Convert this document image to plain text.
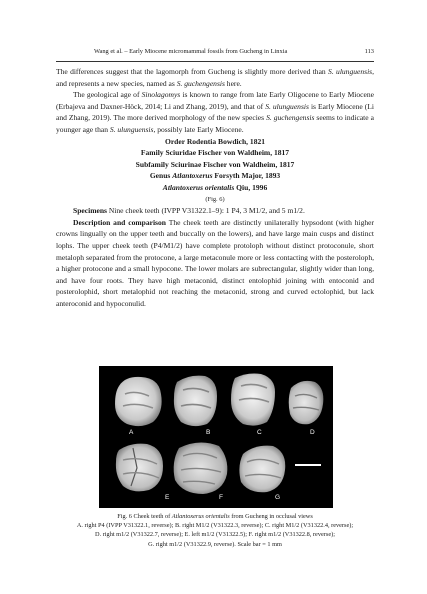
Wang et al. – Early Miocene micromammal fossils from Gucheng in Linxia	113

The differences suggest that the lagomorph from Gucheng is slightly more derived than S. ulunguensis, and represents a new species, named as S. guchengensis here.

The geological age of Sinolagomys is known to range from late Early Oligocene to Early Miocene (Erbajeva and Daxner-Höck, 2014; Li and Zhang, 2019), and that of S. ulunguensis is Early Miocene (Li and Zhang, 2019). The more derived morphology of the new species S. guchengensis seems to indicate a younger age than S. ulunguensis, possibly late Early Miocene.

Order Rodentia Bowdich, 1821

Family Sciuridae Fischer von Waldheim, 1817

Subfamily Sciurinae Fischer von Waldheim, 1817

Genus Atlantoxerus Forsyth Major, 1893

Atlantoxerus orientalis Qiu, 1996

(Fig. 6)

Specimens Nine cheek teeth (IVPP V31322.1–9): 1 P4, 3 M1/2, and 5 m1/2.

Description and comparison The cheek teeth are distinctly unilaterally hypsodont (with higher crowns lingually on the upper teeth and buccally on the lowers), and have large main cusps and distinct lophs. The upper cheek teeth (P4/M1/2) have complete protoloph without distinct protoconule, short metaloph separated from the protocone, a large metaconule more or less contacting with the posteroloph, a higher protocone and a small hypocone. The lower molars are subrectangular, slightly wider than long, and have four roots. They have high metaconid, distinct entolophid joining with entoconid and posterolophid, short metalophid not reaching the metaconid, strong and curved ectolophid, but lack anteroconid and hypoconulid.

A	B	C	D
E	F	G

Fig. 6 Cheek teeth of Atlantoxerus orientalis from Gucheng in occlusal views

A. right P4 (IVPP V31322.1, reverse); B. right M1/2 (V31322.3, reverse); C. right M1/2 (V31322.4, reverse);

D. right m1/2 (V31322.7, reverse); E. left m1/2 (V31322.5); F. right m1/2 (V31322.8, reverse);

G. right m1/2 (V31322.9, reverse). Scale bar = 1 mm
